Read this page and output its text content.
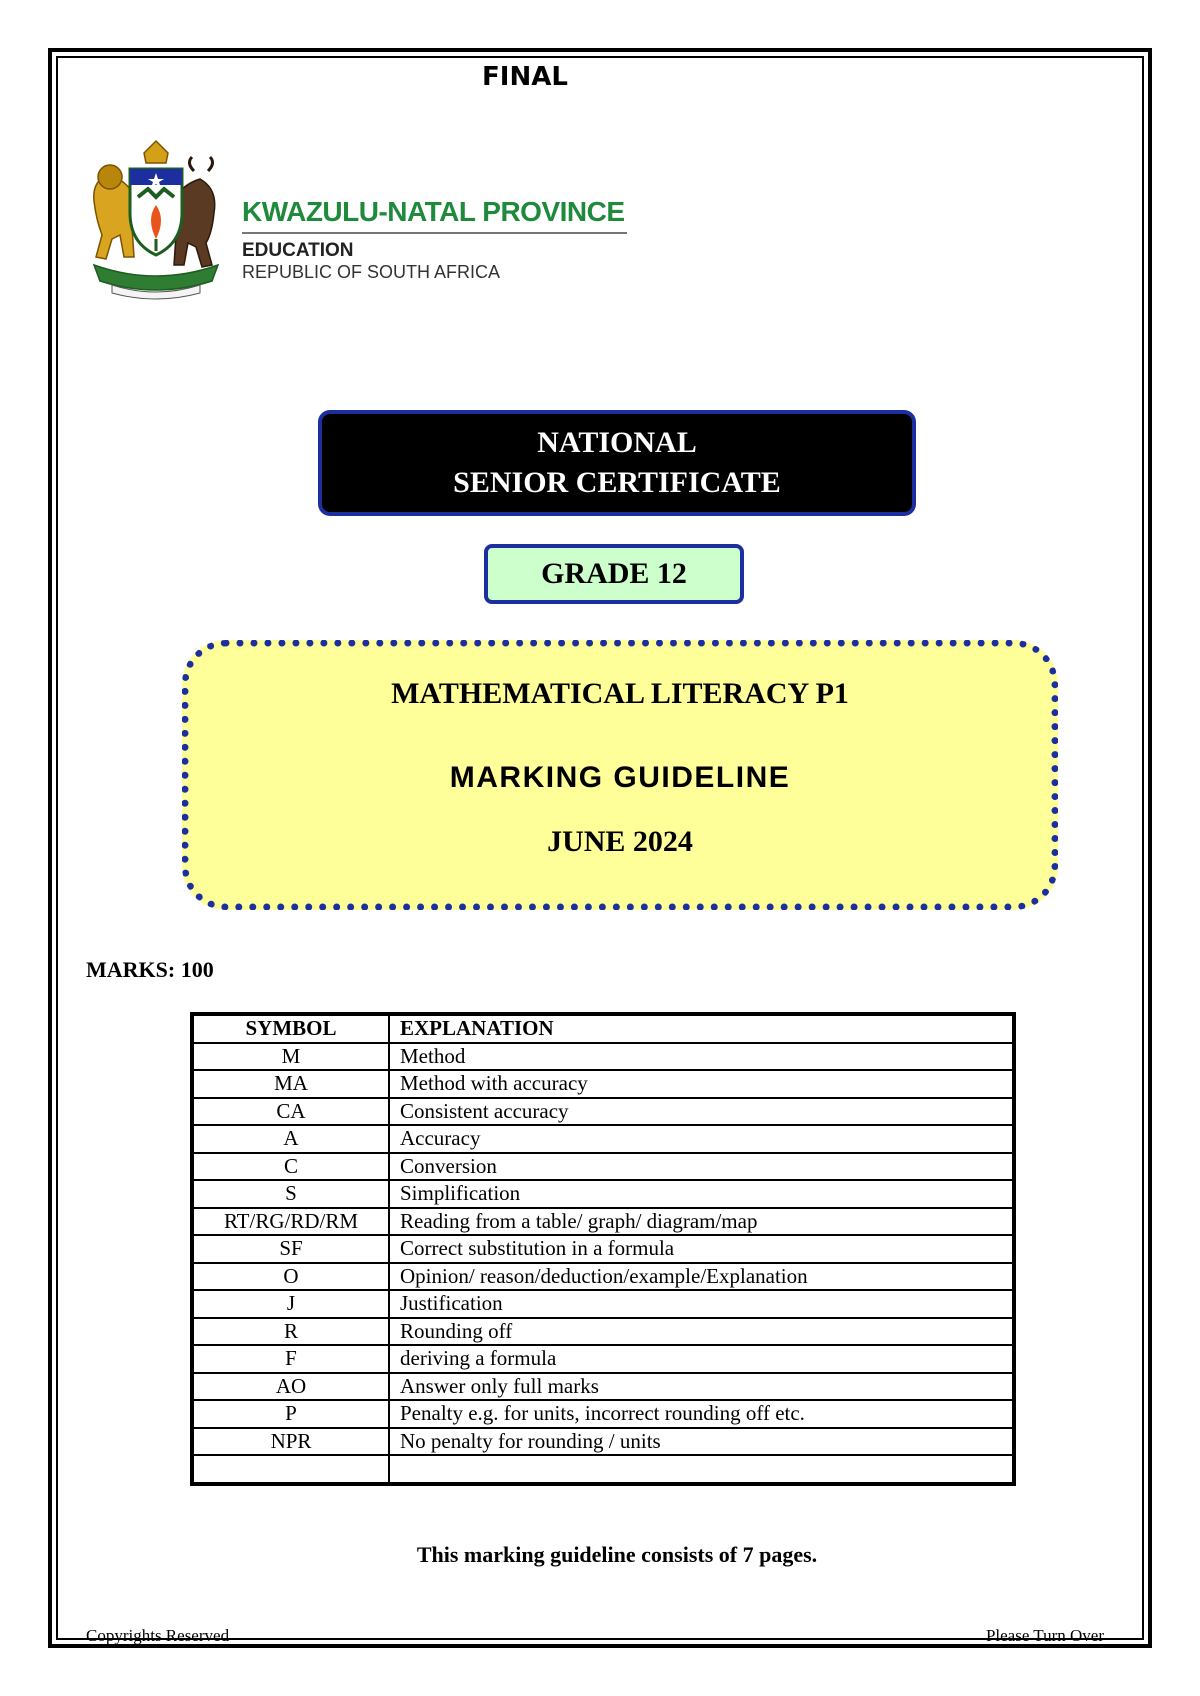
FINAL
KWAZULU-NATAL PROVINCE
EDUCATION
REPUBLIC OF SOUTH AFRICA
NATIONAL
SENIOR CERTIFICATE
GRADE 12
MATHEMATICAL LITERACY P1
MARKING GUIDELINE
JUNE 2024
MARKS: 100
SYMBOL	EXPLANATION
M	Method
MA	Method with accuracy
CA	Consistent accuracy
A	Accuracy
C	Conversion
S	Simplification
RT/RG/RD/RM	Reading from a table/ graph/ diagram/map
SF	Correct substitution in a formula
O	Opinion/ reason/deduction/example/Explanation
J	Justification
R	Rounding off
F	deriving a formula
AO	Answer only full marks
P	Penalty e.g. for units, incorrect rounding off etc.
NPR	No penalty for rounding / units

This marking guideline consists of 7 pages.
Copyrights Reserved	Please Turn Over
